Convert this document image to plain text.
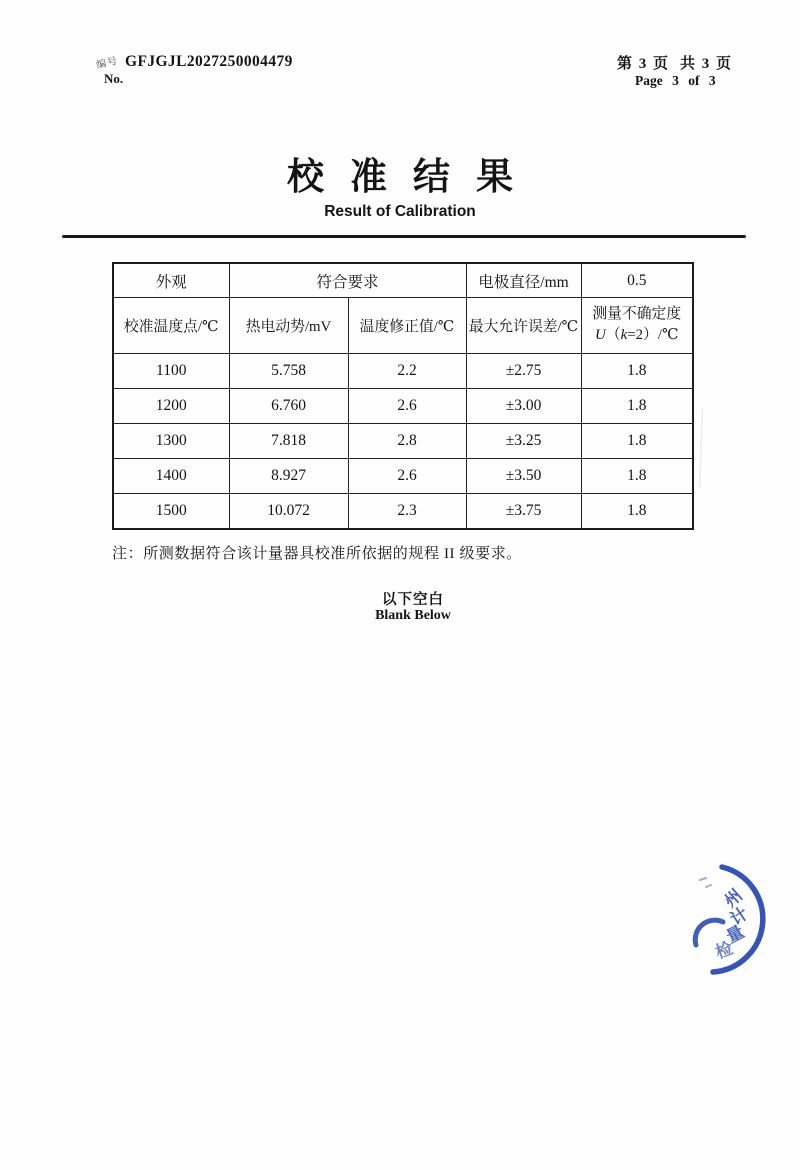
编号 GFJGJL2027250004479
No.
第 3 页  共 3 页
Page 3 of 3
校准结果
Result of Calibration
外观	符合要求		电极直径/mm	0.5
校准温度点/℃	热电动势/mV	温度修正值/℃	最大允许误差/℃	测量不确定度
U（k=2）/℃

1100	5.758	2.2	±2.75	1.8
1200	6.760	2.6	±3.00	1.8
1300	7.818	2.8	±3.25	1.8
1400	8.927	2.6	±3.50	1.8
1500	10.072	2.3	±3.75	1.8
注：所测数据符合该计量器具校准所依据的规程 II 级要求。
以下空白
Blank Below
州
计
量
检
